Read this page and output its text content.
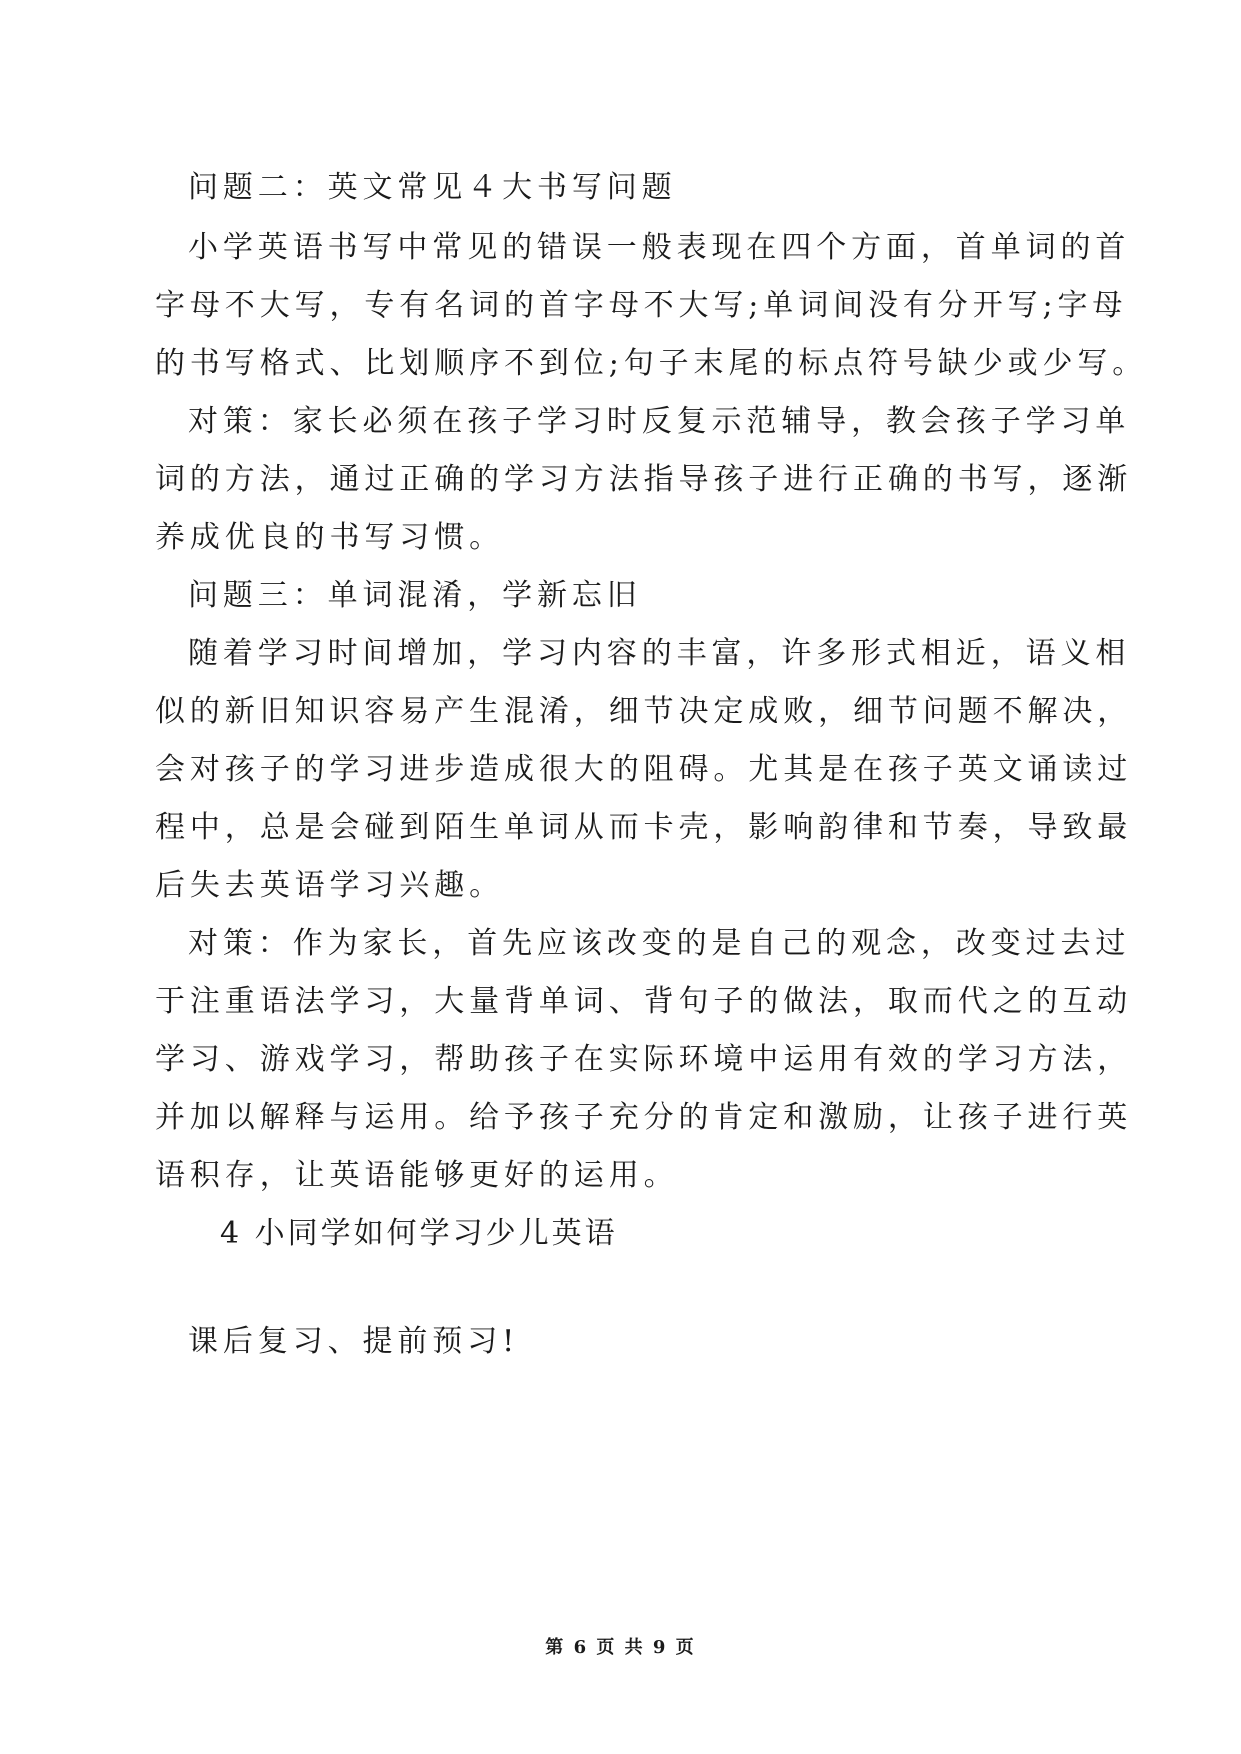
问题二：英文常见４大书写问题
小学英语书写中常见的错误一般表现在四个方面，首单词的首
字母不大写，专有名词的首字母不大写;单词间没有分开写;字母
的书写格式、比划顺序不到位;句子末尾的标点符号缺少或少写。
对策：家长必须在孩子学习时反复示范辅导，教会孩子学习单
词的方法，通过正确的学习方法指导孩子进行正确的书写，逐渐
养成优良的书写习惯。
问题三：单词混淆，学新忘旧
随着学习时间增加，学习内容的丰富，许多形式相近，语义相
似的新旧知识容易产生混淆，细节决定成败，细节问题不解决，
会对孩子的学习进步造成很大的阻碍。尤其是在孩子英文诵读过
程中，总是会碰到陌生单词从而卡壳，影响韵律和节奏，导致最
后失去英语学习兴趣。
对策：作为家长，首先应该改变的是自己的观念，改变过去过
于注重语法学习，大量背单词、背句子的做法，取而代之的互动
学习、游戏学习，帮助孩子在实际环境中运用有效的学习方法，
并加以解释与运用。给予孩子充分的肯定和激励，让孩子进行英
语积存，让英语能够更好的运用。
4 小同学如何学习少儿英语
课后复习、提前预习!
第 6 页 共 9 页
